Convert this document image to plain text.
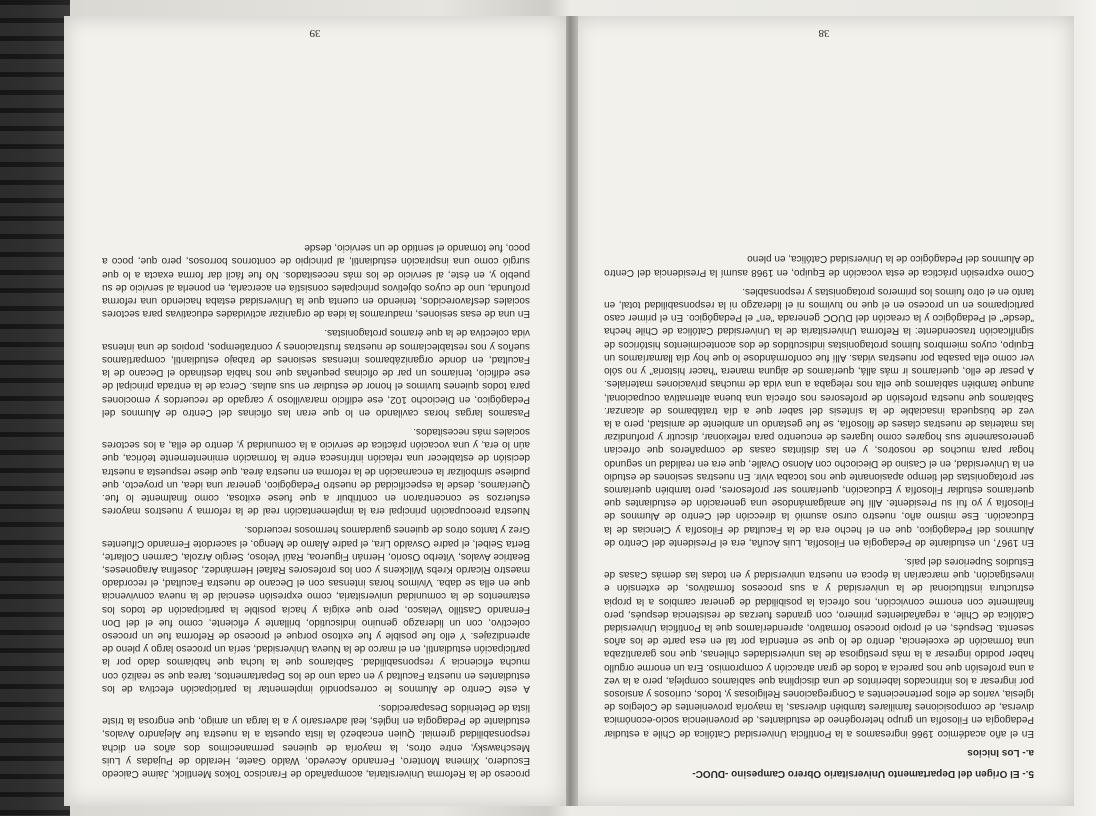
5.- El Origen del Departamento Universitario Obrero Campesino -DUOC-
a.- Los Inicios

En el año académico 1966 ingresamos a la Pontificia Universidad Católica de Chile a estudiar Pedagogía en Filosofía un grupo heterogéneo de estudiantes, de proveniencia socio-económica diversa, de composiciones familiares también diversas, la mayoría provenientes de Colegios de Iglesia, varios de ellos pertenecientes a Congregaciones Religiosas y, todos, curiosos y ansiosos por ingresar a los intrincados laberintos de una disciplina que sabíamos compleja, pero a la vez a una profesión que nos parecía a todos de gran atracción y compromiso. Era un enorme orgullo haber podido ingresar a la más prestigiosa de las universidades chilenas, que nos garantizaba una formación de excelencia, dentro de lo que se entendía por tal en esa parte de los años sesenta. Después, en el propio proceso formativo, aprenderíamos que la Pontificia Universidad Católica de Chile, a regañadientes primero, con grandes fuerzas de resistencia después, pero finalmente con enorme convicción, nos ofrecía la posibilidad de generar cambios a la propia estructura institucional de la universidad y a sus procesos formativos, de extensión e investigación, que marcarían la época en nuestra universidad y en todas las demás Casas de Estudios Superiores del país.

En 1967, un estudiante de Pedagogía en Filosofía, Luis Acuña, era el Presidente del Centro de Alumnos del Pedagógico, que en el hecho era de la Facultad de Filosofía y Ciencias de la Educación. Ese mismo año, nuestro curso asumió la dirección del Centro de Alumnos de Filosofía y yo fui su Presidente. Allí fue amalgamándose una generación de estudiantes que queríamos estudiar Filosofía y Educación, queríamos ser profesores, pero también queríamos ser protagonistas del tiempo apasionante que nos tocaba vivir. En nuestras sesiones de estudio en la Universidad, en el Casino de Dieciocho con Alonso Ovalle, que era en realidad un segundo hogar para muchos de nosotros, y en las distintas casas de compañeros que ofrecían generosamente sus hogares como lugares de encuentro para reflexionar, discutir y profundizar las materias de nuestras clases de filosofía, se fue gestando un ambiente de amistad, pero a la vez de búsqueda insaciable de la síntesis del saber que a día tratábamos de alcanzar. Sabíamos que nuestra profesión de profesores nos ofrecía una buena alternativa ocupacional, aunque también sabíamos que ella nos relegaba a una vida de muchas privaciones materiales. A pesar de ello, queríamos ir más allá, queríamos de alguna manera "hacer historia" y no sólo ver como ella pasaba por nuestras vidas. Allí fue conformándose lo que hoy día llamaríamos un Equipo, cuyos miembros fuimos protagonistas indiscutidos de dos acontecimientos históricos de significación trascendente: la Reforma Universitaria de la Universidad Católica de Chile hecha "desde" el Pedagógico y la creación del DUOC generada "en" el Pedagógico. En el primer caso participamos en un proceso en el que no tuvimos ni el liderazgo ni la responsabilidad total, en tanto en el otro fuimos los primeros protagonistas y responsables.

Como expresión práctica de esta vocación de Equipo, en 1968 asumí la Presidencia del Centro de Alumnos del Pedagógico de la Universidad Católica, en pleno

38

proceso de la Reforma Universitaria, acompañado de Francisco Tokos Mentlick, Jaime Caicedo Escudero, Ximena Montero, Fernando Acevedo, Waldo Gaete, Heraldo de Pujadas y Luis Meschawsky, entre otros, la mayoría de quienes permanecimos dos años en dicha responsabilidad gremial. Quien encabezó la lista opuesta a la nuestra fue Alejandro Avalos, estudiante de Pedagogía en Inglés, leal adversario y a la larga un amigo, que engrosa la triste lista de Detenidos Desaparecidos.

A este Centro de Alumnos le correspondió implementar la participación efectiva de los estudiantes en nuestra Facultad y en cada uno de los Departamentos, tarea que se realizó con mucha eficiencia y responsabilidad. Sabíamos que la lucha que habíamos dado por la participación estudiantil, en el marco de la Nueva Universidad, sería un proceso largo y pleno de aprendizajes. Y ello fue posible y fue exitoso porque el proceso de Reforma fue un proceso colectivo, con un liderazgo genuino indiscutido, brillante y eficiente, como fue el del Don Fernando Castillo Velasco, pero que exigía y hacía posible la participación de todos los estamentos de la comunidad universitaria, como expresión esencial de la nueva convivencia que en ella se daba. Vivimos horas intensas con el Decano de nuestra Facultad, el recordado maestro Ricardo Krebs Wilckens y con los profesores Rafael Hernández, Josefina Aragoneses, Beatrice Avalos, Viterbo Osorio, Hernán Figueroa, Raúl Veloso, Sergio Arzola, Carmen Collarte, Berta Seibel, el padre Osvaldo Lira, el padre Álamo de Mengo, el sacerdote Fernando Cifuentes Grez y tantos otros de quienes guardamos hermosos recuerdos.

Nuestra preocupación principal era la implementación real de la reforma y nuestros mayores esfuerzos se concentraron en contribuir a que fuese exitosa, como finalmente lo fue. Queríamos, desde la especificidad de nuestro Pedagógico, generar una idea, un proyecto, que pudiese simbolizar la encarnación de la reforma en nuestra área, que diese respuesta a nuestra decisión de establecer una relación intrínseca entre la formación eminentemente teórica, que aún lo era, y una vocación práctica de servicio a la comunidad y, dentro de ella, a los sectores sociales más necesitados.

Pasamos largas horas cavilando en lo que eran las oficinas del Centro de Alumnos del Pedagógico, en Dieciocho 102, ese edificio maravilloso y cargado de recuerdos y emociones para todos quienes tuvimos el honor de estudiar en sus aulas. Cerca de la entrada principal de ese edificio, teníamos un par de oficinas pequeñas que nos había destinado el Decano de la Facultad, en donde organizábamos intensas sesiones de trabajo estudiantil, compartíamos sueños y nos restablecíamos de nuestras frustraciones y contratiempos, propios de una intensa vida colectiva de la que éramos protagonistas.

En una de esas sesiones, maduramos la idea de organizar actividades educativas para sectores sociales desfavorecidos, teniendo en cuenta que la Universidad estaba haciendo una reforma profunda, uno de cuyos objetivos principales consistía en acercarla, en ponerla al servicio de su pueblo y, en éste, al servicio de los más necesitados. No fue fácil dar forma exacta a lo que surgió como una inspiración estudiantil, al principio de contornos borrosos, pero que, poco a poco, fue tomando el sentido de un servicio, desde

39
